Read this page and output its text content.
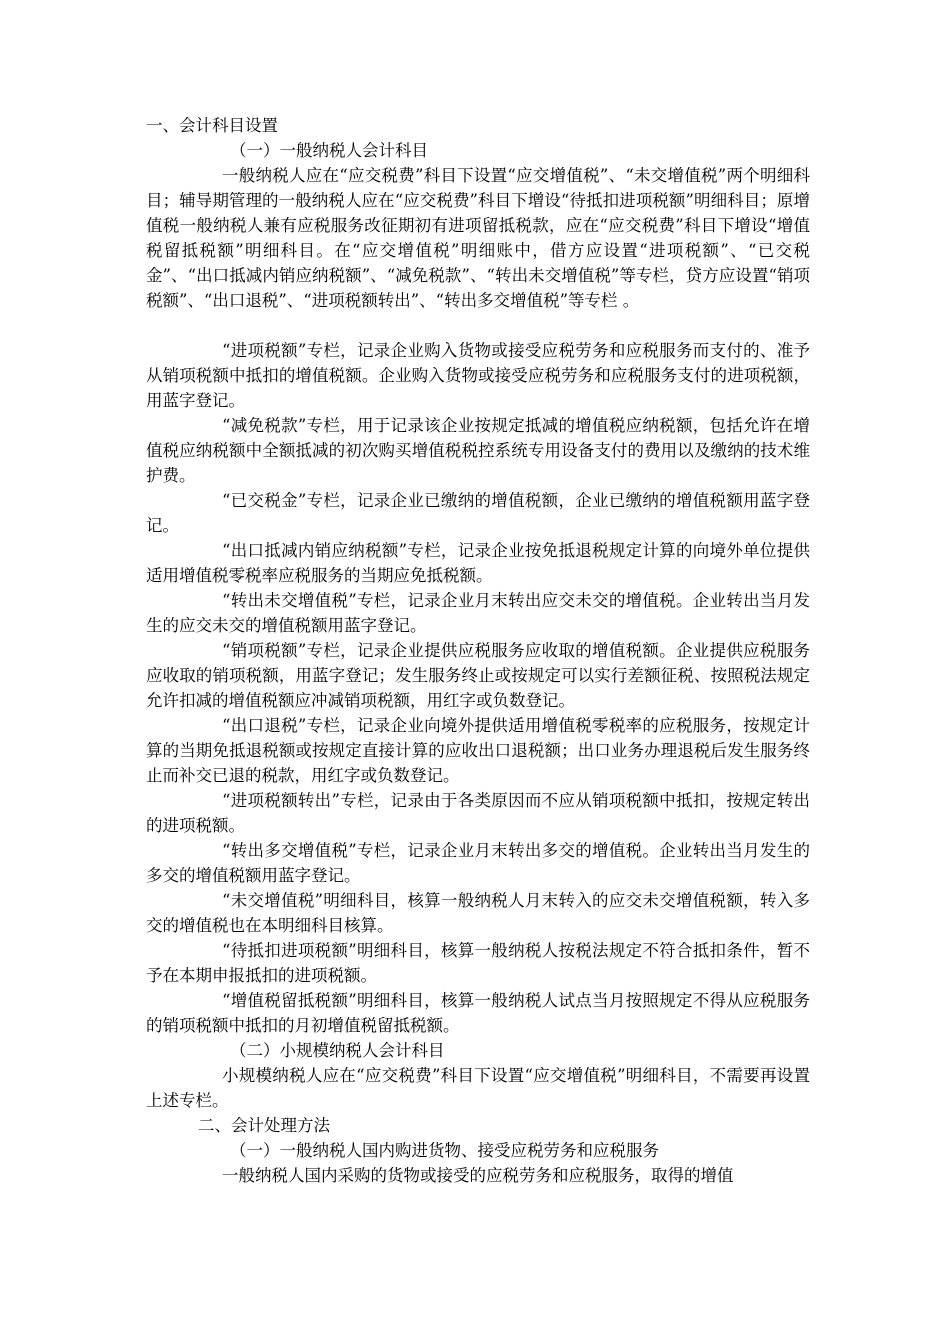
一、会计科目设置

（一）一般纳税人会计科目

一般纳税人应在“应交税费”科目下设置“应交增值税”、“未交增值税”两个明细科目；辅导期管理的一般纳税人应在“应交税费”科目下增设“待抵扣进项税额”明细科目；原增值税一般纳税人兼有应税服务改征期初有进项留抵税款，应在“应交税费”科目下增设“增值税留抵税额”明细科目。在“应交增值税”明细账中，借方应设置“进项税额”、“已交税金”、“出口抵减内销应纳税额”、“减免税款”、“转出未交增值税”等专栏，贷方应设置“销项税额”、“出口退税”、“进项税额转出”、“转出多交增值税”等专栏 。

“进项税额”专栏，记录企业购入货物或接受应税劳务和应税服务而支付的、准予从销项税额中抵扣的增值税额。企业购入货物或接受应税劳务和应税服务支付的进项税额，用蓝字登记。

“减免税款”专栏，用于记录该企业按规定抵减的增值税应纳税额，包括允许在增值税应纳税额中全额抵减的初次购买增值税税控系统专用设备支付的费用以及缴纳的技术维护费。

“已交税金”专栏，记录企业已缴纳的增值税额，企业已缴纳的增值税额用蓝字登记。

“出口抵减内销应纳税额”专栏，记录企业按免抵退税规定计算的向境外单位提供适用增值税零税率应税服务的当期应免抵税额。

“转出未交增值税”专栏，记录企业月末转出应交未交的增值税。企业转出当月发生的应交未交的增值税额用蓝字登记。

“销项税额”专栏，记录企业提供应税服务应收取的增值税额。企业提供应税服务应收取的销项税额，用蓝字登记；发生服务终止或按规定可以实行差额征税、按照税法规定允许扣减的增值税额应冲减销项税额，用红字或负数登记。

“出口退税”专栏，记录企业向境外提供适用增值税零税率的应税服务，按规定计算的当期免抵退税额或按规定直接计算的应收出口退税额；出口业务办理退税后发生服务终止而补交已退的税款，用红字或负数登记。

“进项税额转出”专栏，记录由于各类原因而不应从销项税额中抵扣，按规定转出的进项税额。

“转出多交增值税”专栏，记录企业月末转出多交的增值税。企业转出当月发生的多交的增值税额用蓝字登记。

“未交增值税”明细科目，核算一般纳税人月末转入的应交未交增值税额，转入多交的增值税也在本明细科目核算。

“待抵扣进项税额”明细科目，核算一般纳税人按税法规定不符合抵扣条件，暂不予在本期申报抵扣的进项税额。

“增值税留抵税额”明细科目，核算一般纳税人试点当月按照规定不得从应税服务的销项税额中抵扣的月初增值税留抵税额。

（二）小规模纳税人会计科目

小规模纳税人应在“应交税费”科目下设置“应交增值税”明细科目，不需要再设置上述专栏。

二、会计处理方法

（一）一般纳税人国内购进货物、接受应税劳务和应税服务

一般纳税人国内采购的货物或接受的应税劳务和应税服务，取得的增值
